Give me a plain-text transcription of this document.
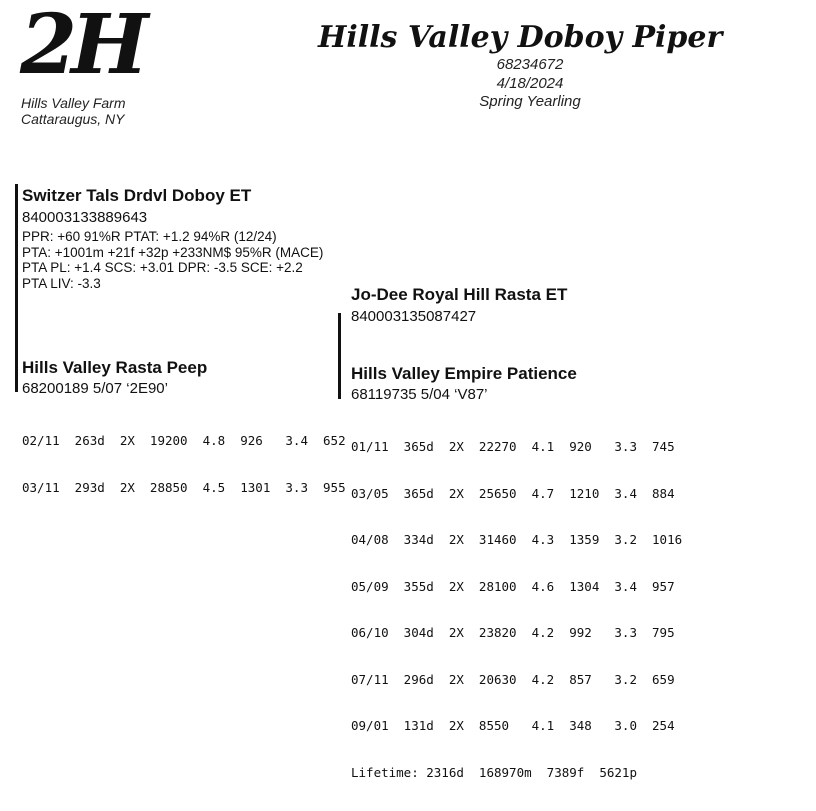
2H
Hills Valley Farm
Cattaraugus, NY
Hills Valley Doboy Piper
68234672
4/18/2024
Spring Yearling
Switzer Tals Drdvl Doboy ET
840003133889643
PPR: +60 91%R PTAT: +1.2 94%R (12/24)
PTA: +1001m +21f +32p +233NM$ 95%R (MACE)
PTA PL: +1.4 SCS: +3.01 DPR: -3.5 SCE: +2.2
PTA LIV: -3.3
Hills Valley Rasta Peep
68200189 5/07 ‘2E90’

02/11  263d  2X  19200  4.8  926   3.4  652

03/11  293d  2X  28850  4.5  1301  3.3  955

Jo-Dee Royal Hill Rasta ET
840003135087427
Hills Valley Empire Patience
68119735 5/04 ‘V87’

01/11  365d  2X  22270  4.1  920   3.3  745

03/05  365d  2X  25650  4.7  1210  3.4  884

04/08  334d  2X  31460  4.3  1359  3.2  1016

05/09  355d  2X  28100  4.6  1304  3.4  957

06/10  304d  2X  23820  4.2  992   3.3  795

07/11  296d  2X  20630  4.2  857   3.2  659

09/01  131d  2X  8550   4.1  348   3.0  254

Lifetime: 2316d  168970m  7389f  5621p
